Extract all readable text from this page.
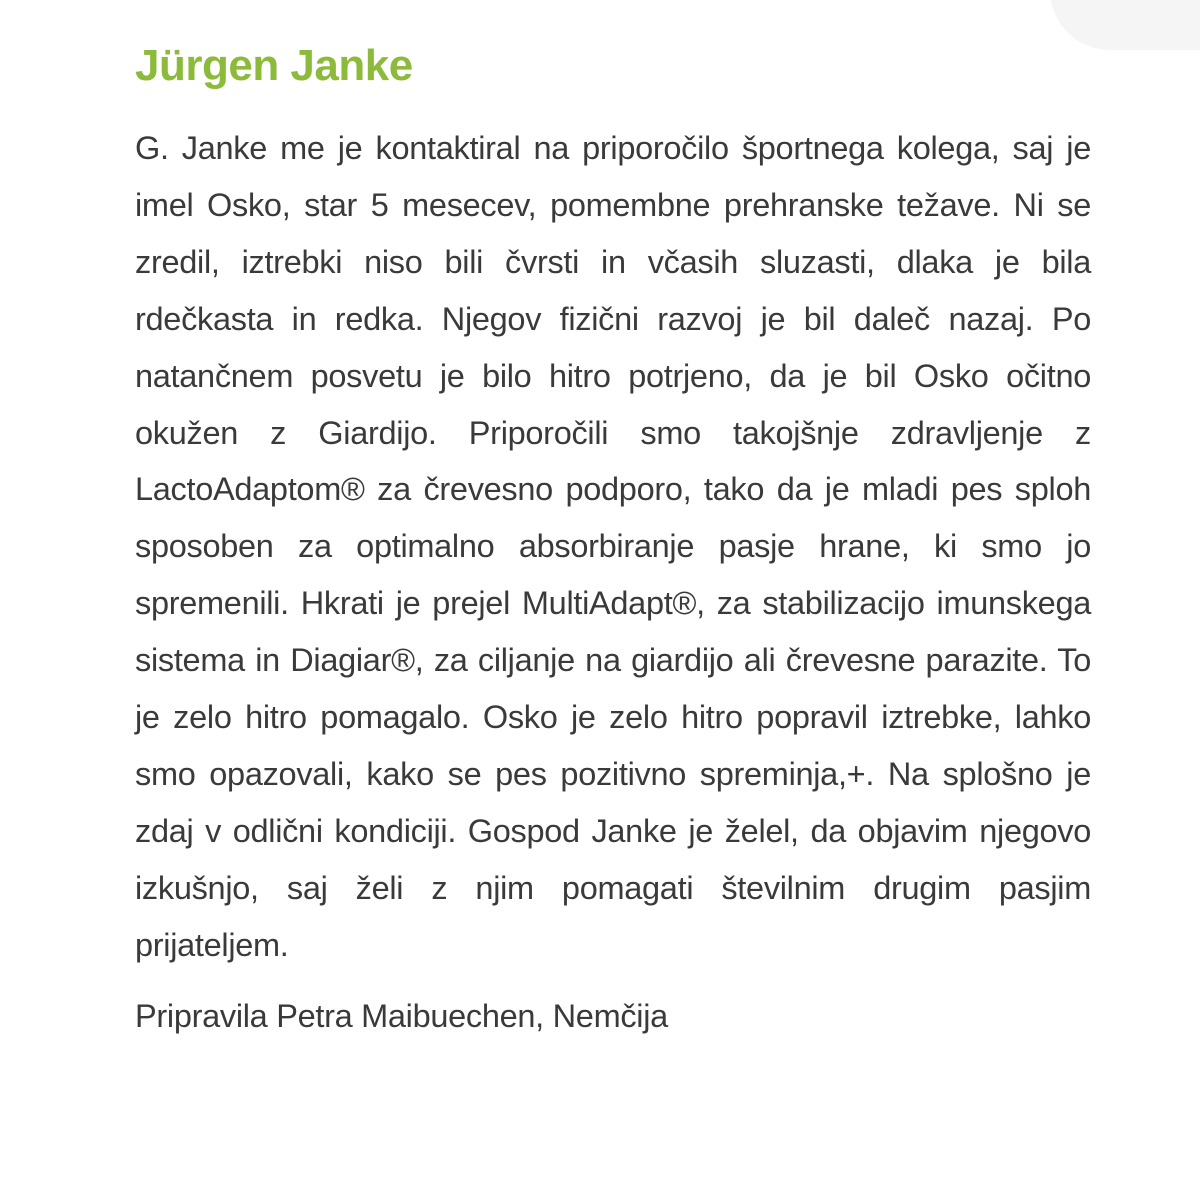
Jürgen Janke

G. Janke me je kontaktiral na priporočilo športnega kolega, saj je imel Osko, star 5 mesecev, pomembne prehranske težave. Ni se zredil, iztrebki niso bili čvrsti in včasih sluzasti, dlaka je bila rdečkasta in redka. Njegov fizični razvoj je bil daleč nazaj. Po natančnem posvetu je bilo hitro potrjeno, da je bil Osko očitno okužen z Giardijo. Priporočili smo takojšnje zdravljenje z LactoAdaptom® za črevesno podporo, tako da je mladi pes sploh sposoben za optimalno absorbiranje pasje hrane, ki smo jo spremenili. Hkrati je prejel MultiAdapt®, za stabilizacijo imunskega sistema in Diagiar®, za ciljanje na giardijo ali črevesne parazite. To je zelo hitro pomagalo. Osko je zelo hitro popravil iztrebke, lahko smo opazovali, kako se pes pozitivno spreminja,+. Na splošno je zdaj v odlični kondiciji. Gospod Janke je želel, da objavim njegovo izkušnjo, saj želi z njim pomagati številnim drugim pasjim prijateljem.

Pripravila Petra Maibuechen, Nemčija
